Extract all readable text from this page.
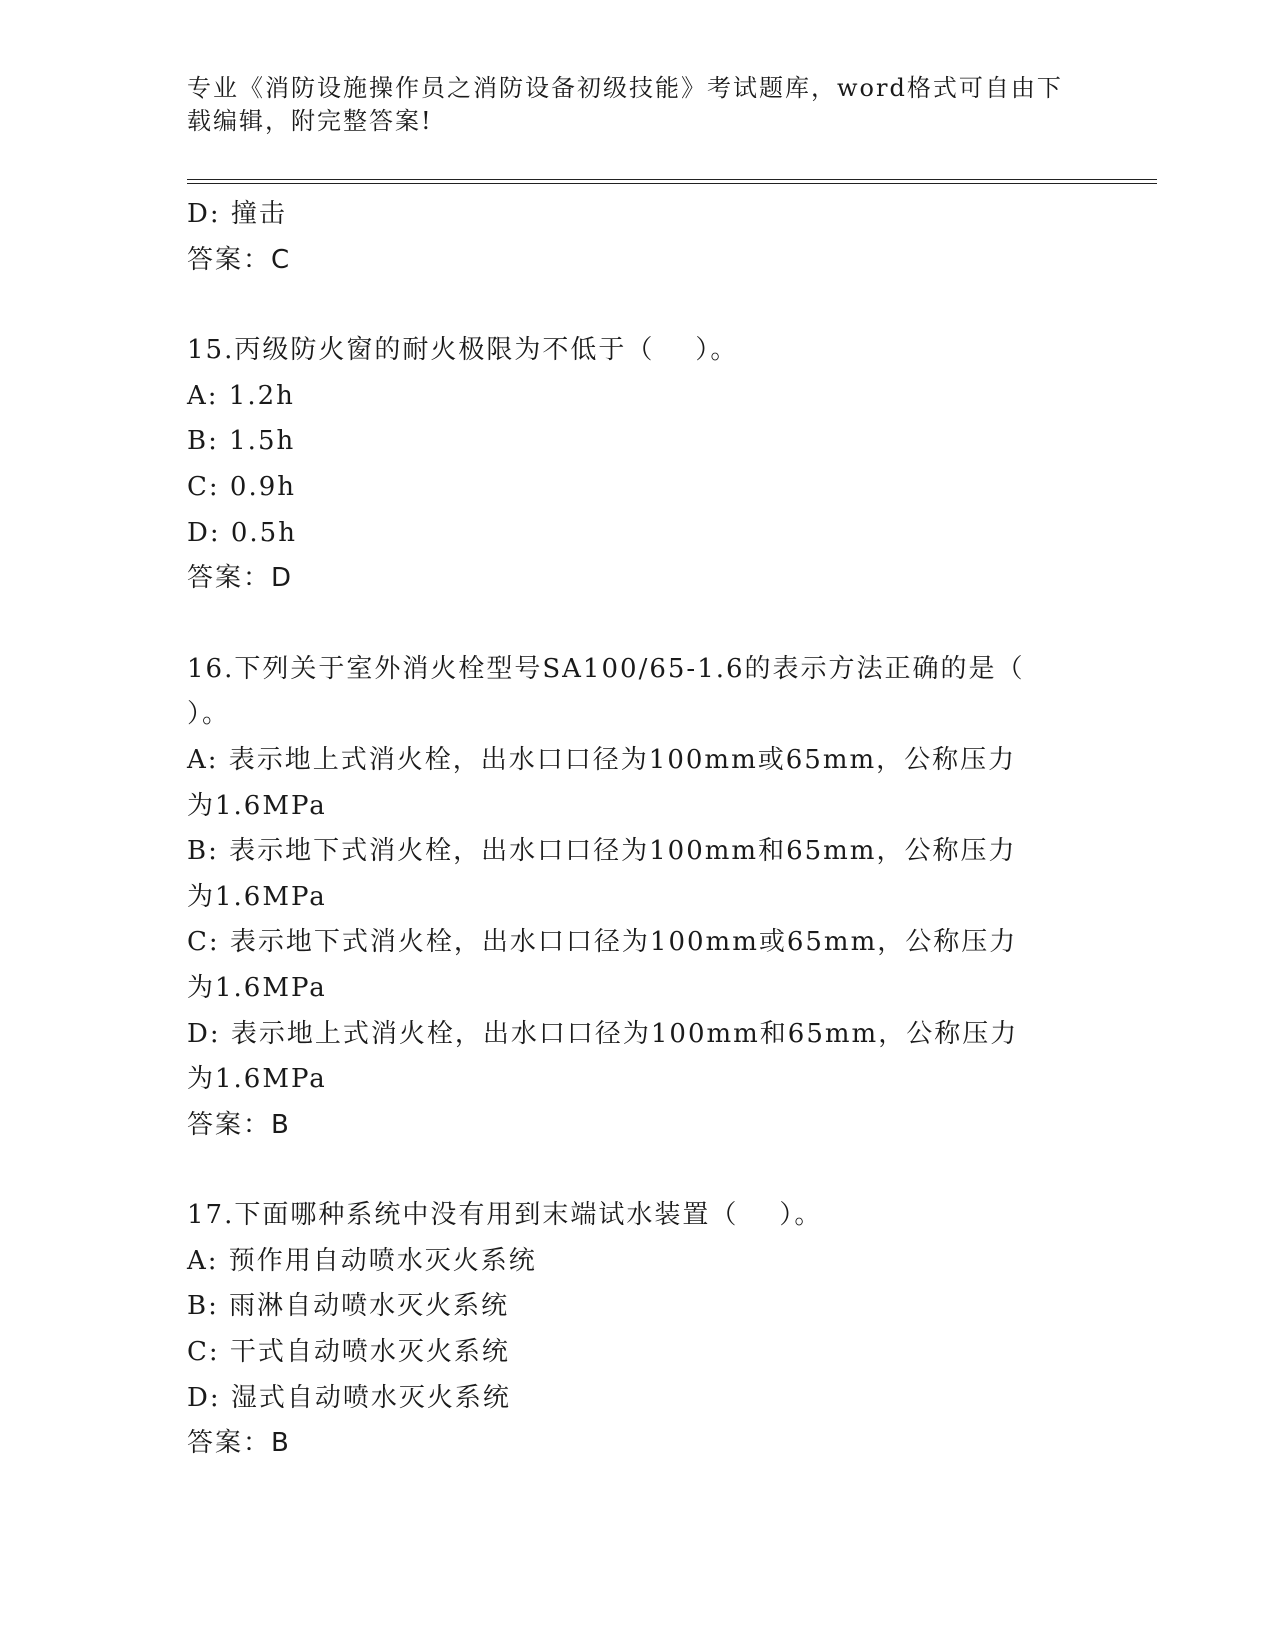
专业《消防设施操作员之消防设备初级技能》考试题库，word格式可自由下载编辑，附完整答案!
D: 撞击
答案：C
15.丙级防火窗的耐火极限为不低于（    ）。
A: 1.2h
B: 1.5h
C: 0.9h
D: 0.5h
答案：D
16.下列关于室外消火栓型号SA100/65-1.6的表示方法正确的是（    ）。
A: 表示地上式消火栓，出水口口径为100mm或65mm，公称压力为1.6MPa
B: 表示地下式消火栓，出水口口径为100mm和65mm，公称压力为1.6MPa
C: 表示地下式消火栓，出水口口径为100mm或65mm，公称压力为1.6MPa
D: 表示地上式消火栓，出水口口径为100mm和65mm，公称压力为1.6MPa
答案：B
17.下面哪种系统中没有用到末端试水装置（    ）。
A: 预作用自动喷水灭火系统
B: 雨淋自动喷水灭火系统
C: 干式自动喷水灭火系统
D: 湿式自动喷水灭火系统
答案：B
